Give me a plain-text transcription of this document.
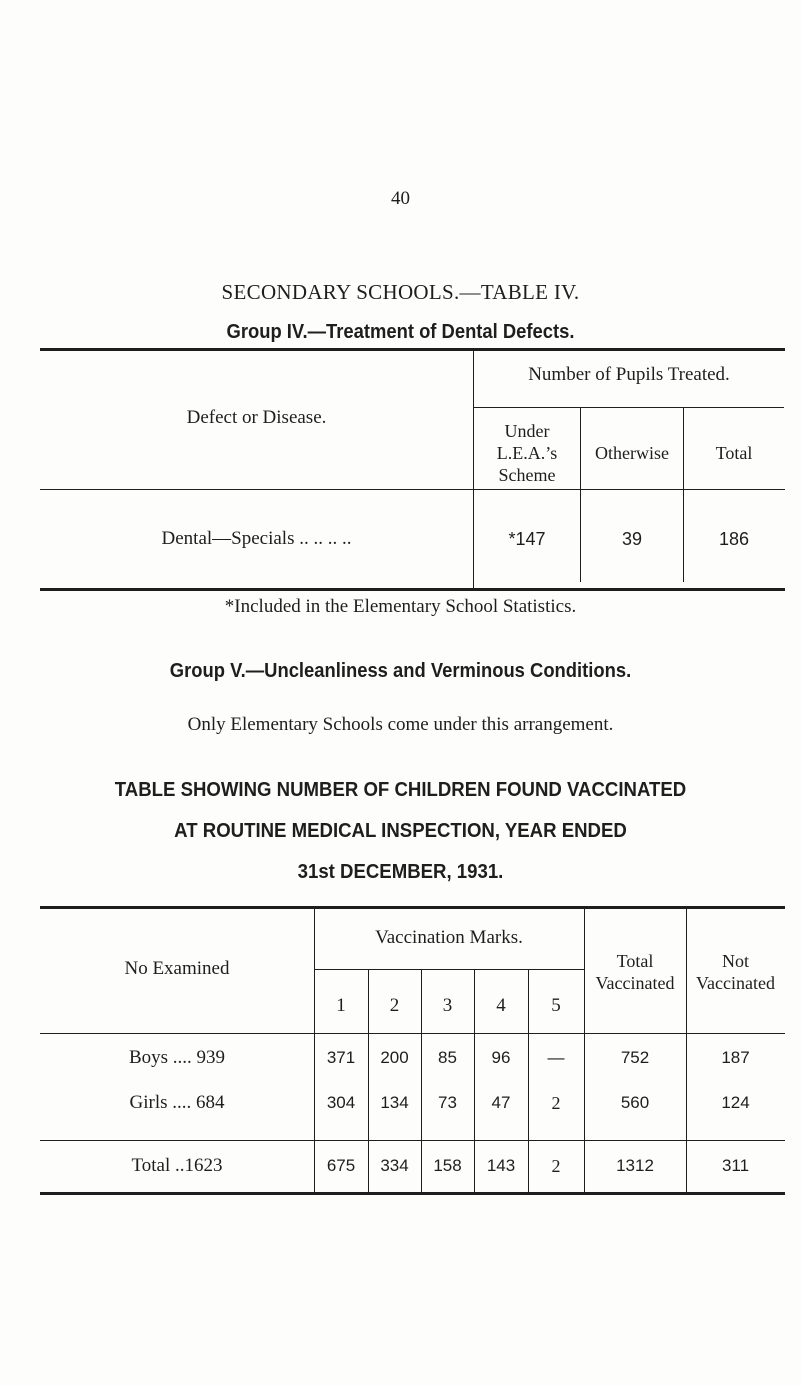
40
SECONDARY SCHOOLS.—TABLE IV.
Group IV.—Treatment of Dental Defects.
Defect or Disease.
Number of Pupils Treated.
Under
L.E.A.’s
Scheme
Otherwise	Total
Dental—Specials .. .. .. ..	*147	39	186
*Included in the Elementary School Statistics.
Group V.—Uncleanliness and Verminous Conditions.
Only Elementary Schools come under this arrangement.
TABLE SHOWING NUMBER OF CHILDREN FOUND VACCINATED
AT ROUTINE MEDICAL INSPECTION, YEAR ENDED
31st DECEMBER, 1931.
No Examined
Vaccination Marks.
1	2	3	4	5
Total
Vaccinated
Not
Vaccinated
Boys .... 939	371	200	85	96	—	752	187
Girls .... 684	304	134	73	47	2	560	124
Total ..1623	675	334	158	143	2	1312	311
